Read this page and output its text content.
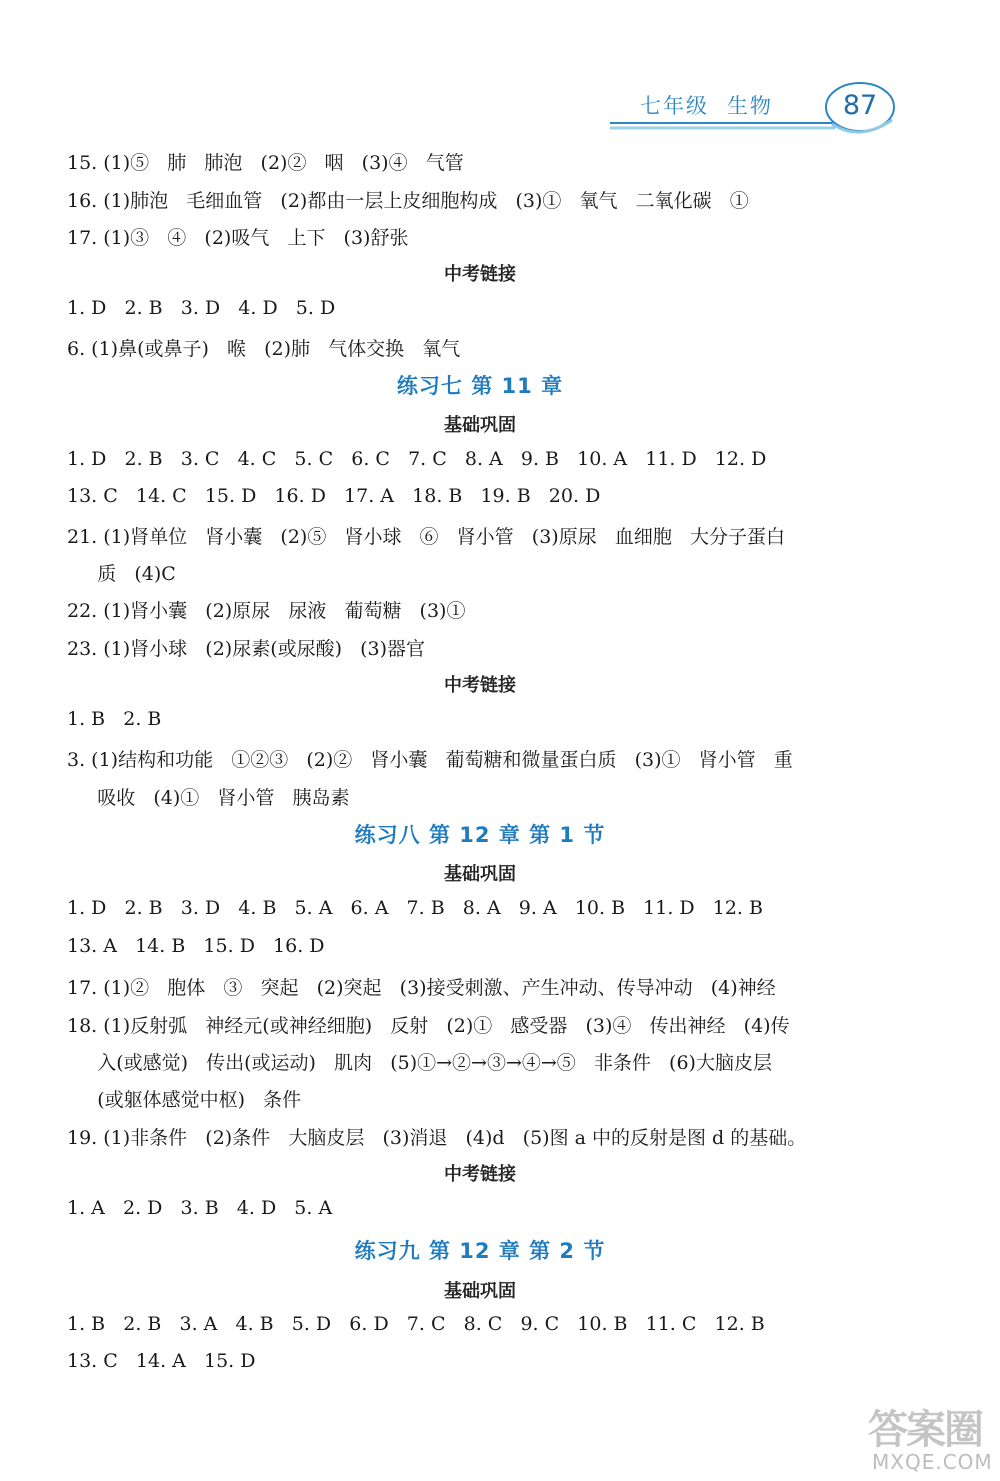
七年级 生物	87
15. (1)⑤   肺   肺泡   (2)②   咽   (3)④   气管
16. (1)肺泡   毛细血管   (2)都由一层上皮细胞构成   (3)①   氧气   二氧化碳   ①
17. (1)③   ④   (2)吸气   上下   (3)舒张
中考链接
1. D   2. B   3. D   4. D   5. D
6. (1)鼻(或鼻子)   喉   (2)肺   气体交换   氧气
练习七 第 11 章
基础巩固
1. D   2. B   3. C   4. C   5. C   6. C   7. C   8. A   9. B   10. A   11. D   12. D
13. C   14. C   15. D   16. D   17. A   18. B   19. B   20. D
21. (1)肾单位   肾小囊   (2)⑤   肾小球   ⑥   肾小管   (3)原尿   血细胞   大分子蛋白
质   (4)C
22. (1)肾小囊   (2)原尿   尿液   葡萄糖   (3)①
23. (1)肾小球   (2)尿素(或尿酸)   (3)器官
中考链接
1. B   2. B
3. (1)结构和功能   ①②③   (2)②   肾小囊   葡萄糖和微量蛋白质   (3)①   肾小管   重
吸收   (4)①   肾小管   胰岛素
练习八 第 12 章 第 1 节
基础巩固
1. D   2. B   3. D   4. B   5. A   6. A   7. B   8. A   9. A   10. B   11. D   12. B
13. A   14. B   15. D   16. D
17. (1)②   胞体   ③   突起   (2)突起   (3)接受刺激、产生冲动、传导冲动   (4)神经
18. (1)反射弧   神经元(或神经细胞)   反射   (2)①   感受器   (3)④   传出神经   (4)传
入(或感觉)   传出(或运动)   肌肉   (5)①→②→③→④→⑤   非条件   (6)大脑皮层
(或躯体感觉中枢)   条件
19. (1)非条件   (2)条件   大脑皮层   (3)消退   (4)d   (5)图 a 中的反射是图 d 的基础。
中考链接
1. A   2. D   3. B   4. D   5. A
练习九 第 12 章 第 2 节
基础巩固
1. B   2. B   3. A   4. B   5. D   6. D   7. C   8. C   9. C   10. B   11. C   12. B
13. C   14. A   15. D
答案圈
MXQE.COM
